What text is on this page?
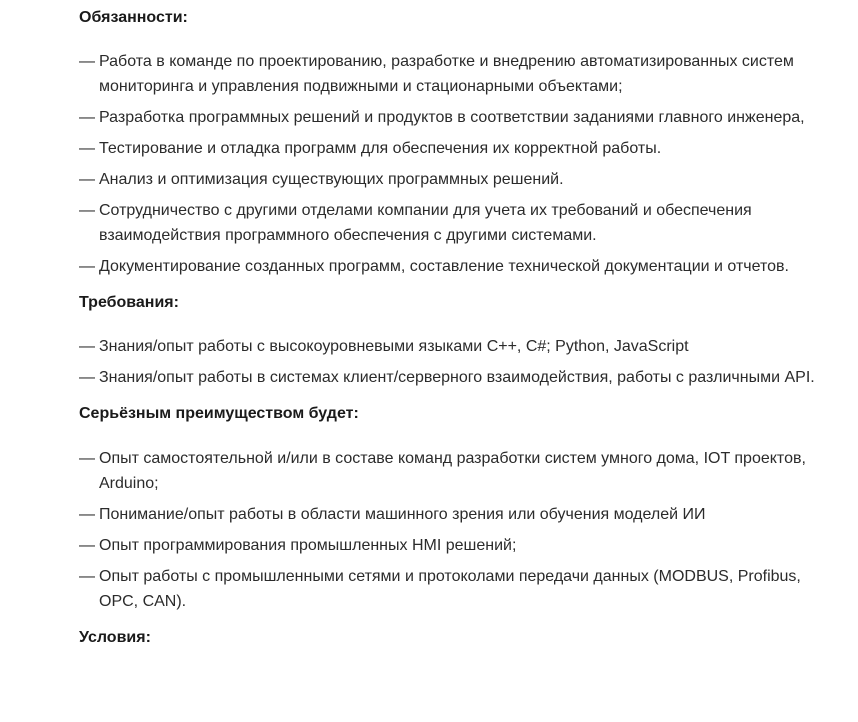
Обязанности:

— Работа в команде по проектированию, разработке и внедрению автоматизированных систем мониторинга и управления подвижными и стационарными объектами;
— Разработка программных решений и продуктов в соответствии заданиями главного инженера,
— Тестирование и отладка программ для обеспечения их корректной работы.
— Анализ и оптимизация существующих программных решений.
— Сотрудничество с другими отделами компании для учета их требований и обеспечения взаимодействия программного обеспечения с другими системами.
— Документирование созданных программ, составление технической документации и отчетов.

Требования:

— Знания/опыт работы с высокоуровневыми языками C++, C#; Python, JavaScript
— Знания/опыт работы в системах клиент/серверного взаимодействия, работы с различными API.

Серьёзным преимуществом будет:

— Опыт самостоятельной и/или в составе команд разработки систем умного дома, IOT проектов, Arduino;
— Понимание/опыт работы в области машинного зрения или обучения моделей ИИ
— Опыт программирования промышленных HMI решений;
— Опыт работы с промышленными сетями и протоколами передачи данных (MODBUS, Profibus, OPC, CAN).

Условия:
